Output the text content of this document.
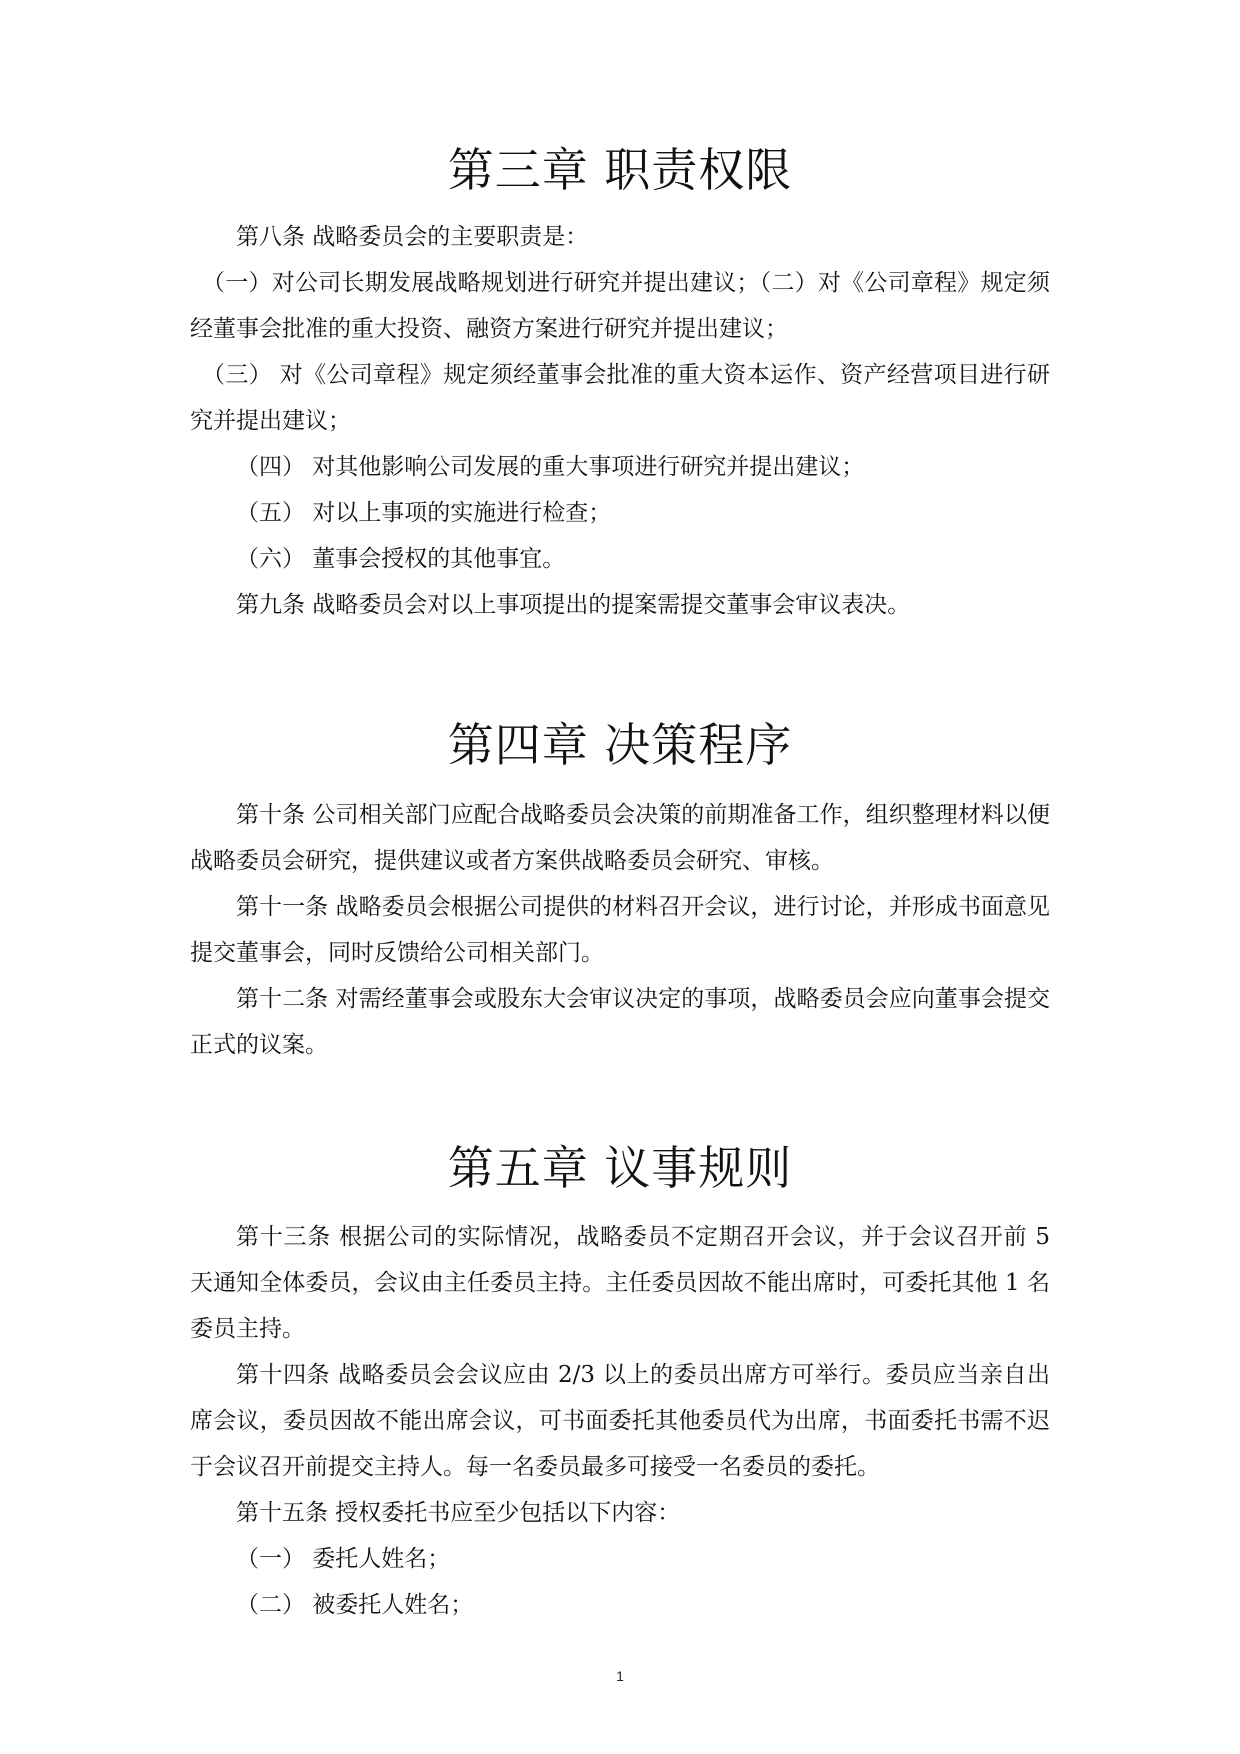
第三章 职责权限

第八条 战略委员会的主要职责是：

（一）对公司长期发展战略规划进行研究并提出建议；（二）对《公司章程》规定须经董事会批准的重大投资、融资方案进行研究并提出建议；

（三） 对《公司章程》规定须经董事会批准的重大资本运作、资产经营项目进行研究并提出建议；

（四） 对其他影响公司发展的重大事项进行研究并提出建议；

（五） 对以上事项的实施进行检查；

（六） 董事会授权的其他事宜。

第九条 战略委员会对以上事项提出的提案需提交董事会审议表决。

第四章 决策程序

第十条 公司相关部门应配合战略委员会决策的前期准备工作，组织整理材料以便战略委员会研究，提供建议或者方案供战略委员会研究、审核。

第十一条 战略委员会根据公司提供的材料召开会议，进行讨论，并形成书面意见提交董事会，同时反馈给公司相关部门。

第十二条 对需经董事会或股东大会审议决定的事项，战略委员会应向董事会提交正式的议案。

第五章 议事规则

第十三条 根据公司的实际情况，战略委员不定期召开会议，并于会议召开前 5 天通知全体委员，会议由主任委员主持。主任委员因故不能出席时，可委托其他 1 名委员主持。

第十四条 战略委员会会议应由 2/3 以上的委员出席方可举行。委员应当亲自出席会议，委员因故不能出席会议，可书面委托其他委员代为出席，书面委托书需不迟于会议召开前提交主持人。每一名委员最多可接受一名委员的委托。

第十五条 授权委托书应至少包括以下内容：

（一） 委托人姓名；

（二） 被委托人姓名；

1
